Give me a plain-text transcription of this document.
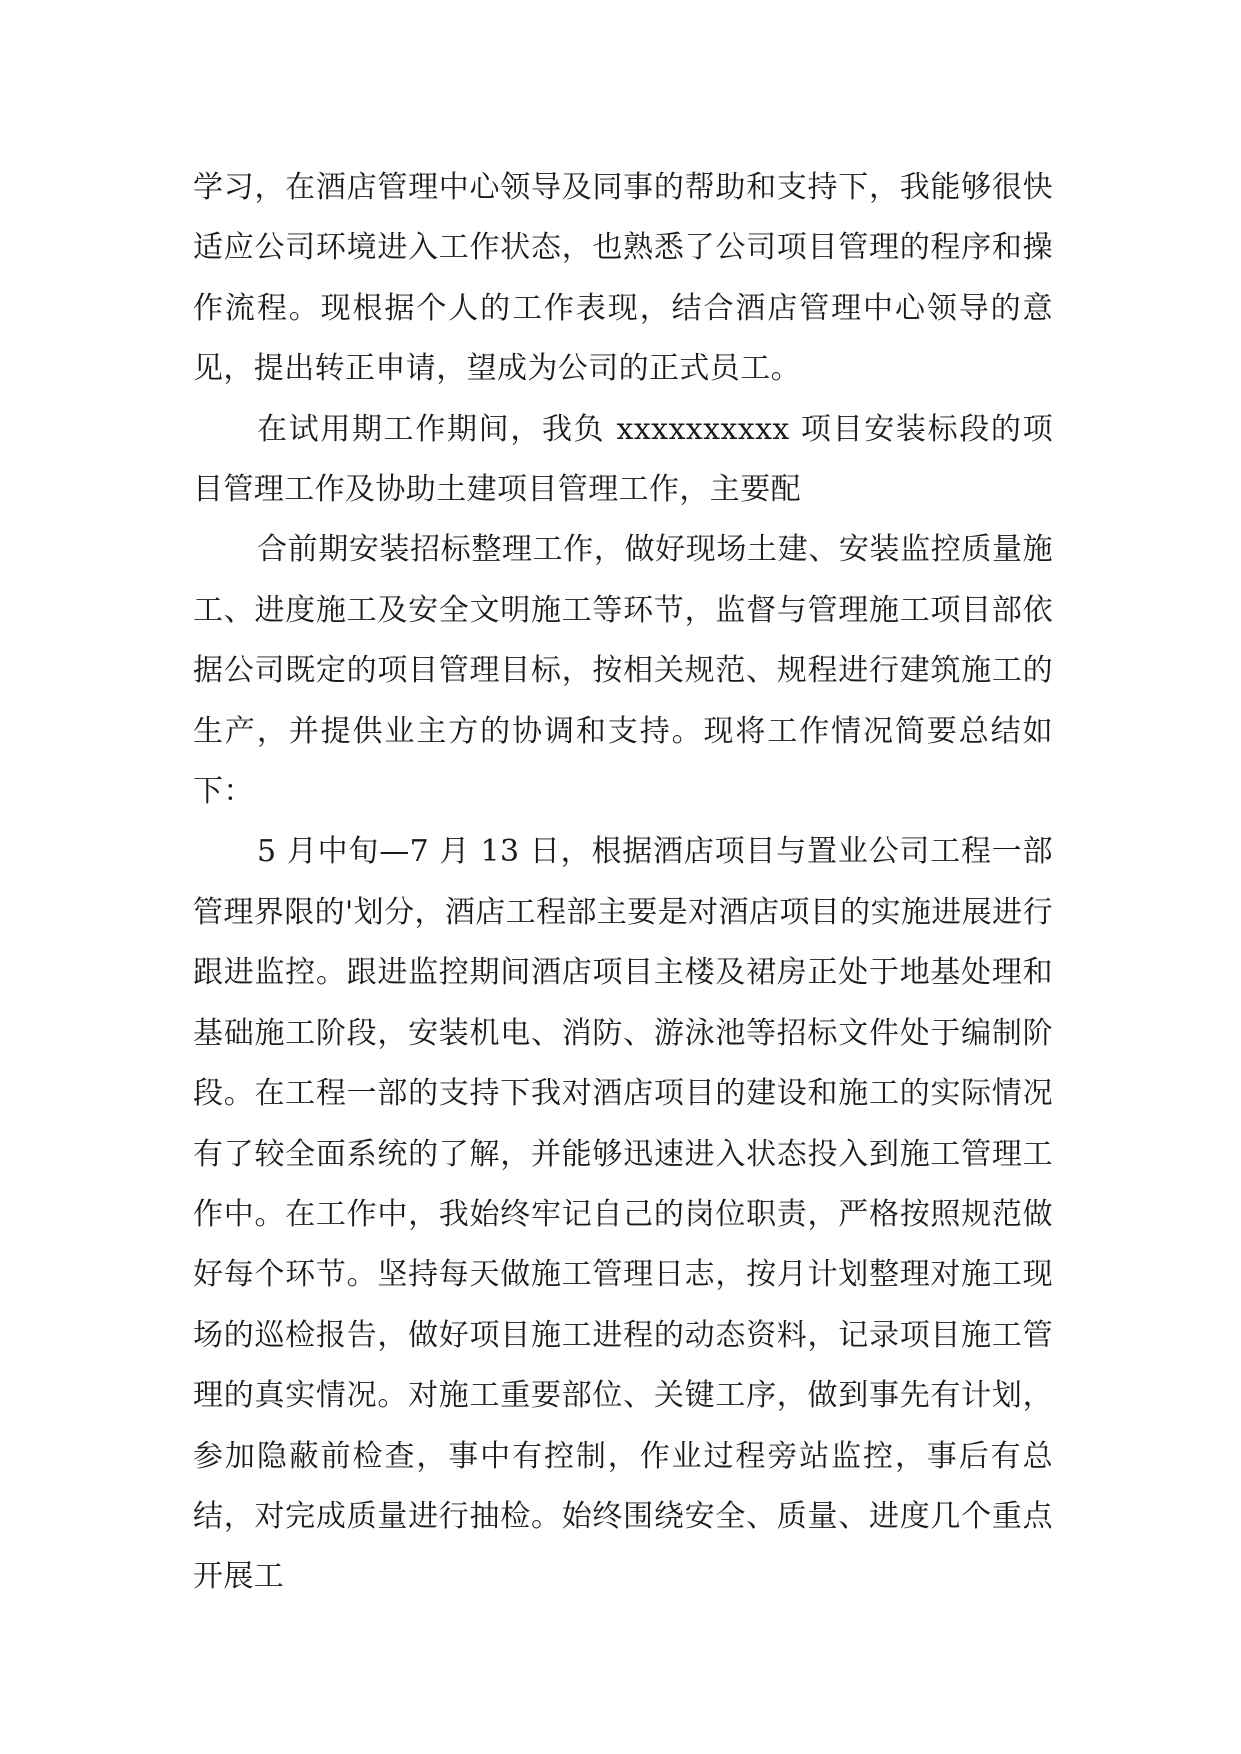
学习，在酒店管理中心领导及同事的帮助和支持下，我能够很快适应公司环境进入工作状态，也熟悉了公司项目管理的程序和操作流程。现根据个人的工作表现，结合酒店管理中心领导的意见，提出转正申请，望成为公司的正式员工。

在试用期工作期间，我负 xxxxxxxxxx 项目安装标段的项目管理工作及协助土建项目管理工作，主要配

合前期安装招标整理工作，做好现场土建、安装监控质量施工、进度施工及安全文明施工等环节，监督与管理施工项目部依据公司既定的项目管理目标，按相关规范、规程进行建筑施工的生产，并提供业主方的协调和支持。现将工作情况简要总结如下：

5 月中旬—7 月 13 日，根据酒店项目与置业公司工程一部管理界限的'划分，酒店工程部主要是对酒店项目的实施进展进行跟进监控。跟进监控期间酒店项目主楼及裙房正处于地基处理和基础施工阶段，安装机电、消防、游泳池等招标文件处于编制阶段。在工程一部的支持下我对酒店项目的建设和施工的实际情况有了较全面系统的了解，并能够迅速进入状态投入到施工管理工作中。在工作中，我始终牢记自己的岗位职责，严格按照规范做好每个环节。坚持每天做施工管理日志，按月计划整理对施工现场的巡检报告，做好项目施工进程的动态资料，记录项目施工管理的真实情况。对施工重要部位、关键工序，做到事先有计划，参加隐蔽前检查，事中有控制，作业过程旁站监控，事后有总结，对完成质量进行抽检。始终围绕安全、质量、进度几个重点开展工
